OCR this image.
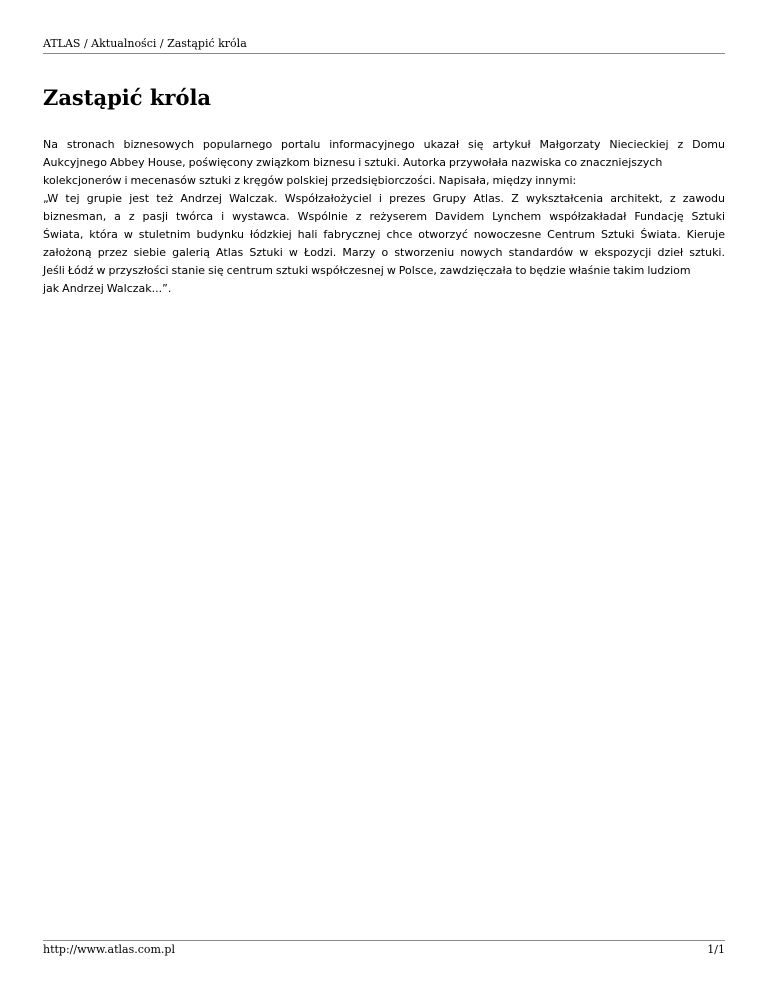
ATLAS / Aktualności / Zastąpić króla
Zastąpić króla
Na stronach biznesowych popularnego portalu informacyjnego ukazał się artykuł Małgorzaty Niecieckiej z Domu
Aukcyjnego Abbey House, poświęcony związkom biznesu i sztuki. Autorka przywołała nazwiska co znaczniejszych
kolekcjonerów i mecenasów sztuki z kręgów polskiej przedsiębiorczości. Napisała, między innymi:
„W tej grupie jest też Andrzej Walczak. Współzałożyciel i prezes Grupy Atlas. Z wykształcenia architekt, z zawodu
biznesman, a z pasji twórca i wystawca. Wspólnie z reżyserem Davidem Lynchem współzakładał Fundację Sztuki
Świata, która w stuletnim budynku łódzkiej hali fabrycznej chce otworzyć nowoczesne Centrum Sztuki Świata. Kieruje
założoną przez siebie galerią Atlas Sztuki w Łodzi. Marzy o stworzeniu nowych standardów w ekspozycji dzieł sztuki.
Jeśli Łódź w przyszłości stanie się centrum sztuki współczesnej w Polsce, zawdzięczała to będzie właśnie takim ludziom
jak Andrzej Walczak...”.
http://www.atlas.com.pl	1/1
